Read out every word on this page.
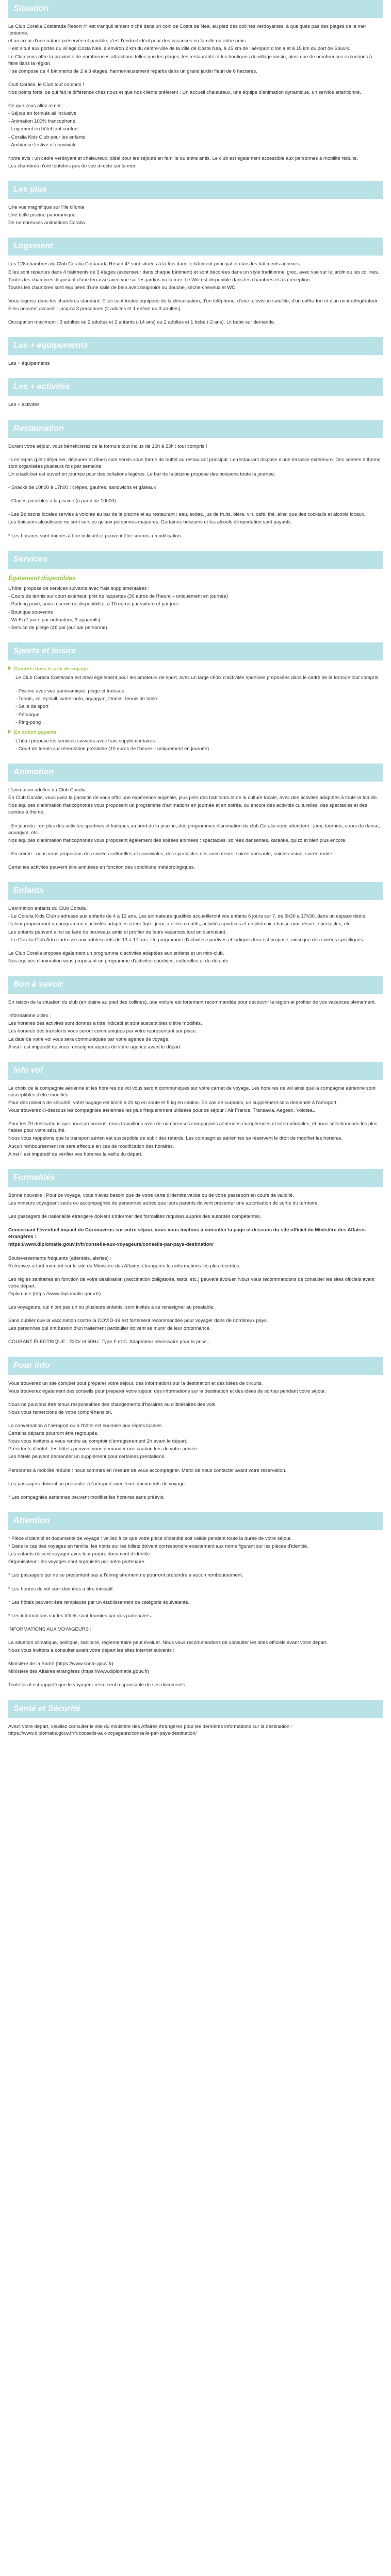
Situation

Le Club Coralia Costarada Resort 4* est tranquil lement niché dans un coin de Costa de Nea, au pied des collines verdoyantes, à quelques pas des plages de la mer Ionienne,

et au cœur d'une nature préservée et paisible, c'est l'endroit idéal pour des vacances en famille ou entre amis.

Il est situé aux portes du village Costa Nea, à environ 2 km du centre-ville de la ville de Costa Nea, à 45 km de l'aéroport d'Ionia et à 15 km du port de Souvik.

Le Club vous offre la proximité de nombreuses attractions telles que les plages, les restaurants et les boutiques du village voisin, ainsi que de nombreuses excursions à faire dans la région.

Il se compose de 4 bâtiments de 2 à 3 étages, harmonieusement répartis dans un grand jardin fleuri de 8 hectares.

Club Coralia, le Club tout compris !

Nos points forts, ce qui fait la différence chez nous et que nos clients préfèrent : Un accueil chaleureux, une équipe d'animation dynamique, un service attentionné.

Ce que vous allez aimer :

- Séjour en formule all inclusive

- Animation 100% francophone

- Logement en hôtel tout confort

- Coralia Kids Club pour les enfants

- Ambiance festive et conviviale

Notre avis : un cadre verdoyant et chaleureux, idéal pour les séjours en famille ou entre amis. Le club est également accessible aux personnes à mobilité réduite.

Les chambres n'ont toutefois pas de vue directe sur la mer.

Les plus

Une vue magnifique sur l'île d'Ionia

Une belle piscine panoramique

De nombreuses animations Coralia

Logement

Les 128 chambres du Club Coralia Costarada Resort 4* sont situées à la fois dans le bâtiment principal et dans les bâtiments annexes.

Elles sont réparties dans 4 bâtiments de 3 étages (ascenseur dans chaque bâtiment) et sont décorées dans un style traditionnel grec, avec vue sur le jardin ou les collines.

Toutes les chambres disposent d'une terrasse avec vue sur les jardins ou la mer. Le Wifi est disponible dans les chambres et à la réception.

Toutes les chambres sont équipées d'une salle de bain avec baignoire ou douche, sèche-cheveux et WC.

Vous logerez dans les chambres standard. Elles sont toutes équipées de la climatisation, d'un téléphone, d'une télévision satellite, d'un coffre-fort et d'un mini-réfrigérateur.

Elles peuvent accueillir jusqu'à 3 personnes (2 adultes et 1 enfant ou 3 adultes).

Occupation maximum : 3 adultes ou 2 adultes et 2 enfants (-14 ans) ou 2 adultes et 1 bébé (-2 ans). Lit bébé sur demande.

Les + équipements

Les + équipements

Les + activités

Les + activités

Restauration

Durant votre séjour, vous bénéficierez de la formule tout inclus de 10h à 23h : tout compris !

- Les repas (petit-déjeuner, déjeuner et dîner) sont servis sous forme de buffet au restaurant principal. Le restaurant dispose d'une terrasse extérieure. Des soirées à thème sont organisées plusieurs fois par semaine.

Un snack-bar est ouvert en journée pour des collations légères. Le bar de la piscine propose des boissons toute la journée.

- Snacks de 10h00 à 17h00 : crêpes, gaufres, sandwichs et gâteaux

- Glaces possibles à la piscine (à partir de 10h00)

- Les Boissons locales servies à volonté au bar de la piscine et au restaurant : eau, sodas, jus de fruits, bière, vin, café, thé, ainsi que des cocktails et alcools locaux.

Les boissons alcoolisées ne sont servies qu'aux personnes majeures. Certaines boissons et les alcools d'importation sont payants.

* Les horaires sont donnés à titre indicatif et peuvent être soumis à modification.

Services
Également disponibles

L'hôtel propose de services suivants avec frais supplémentaires :

- Cours de tennis sur court extérieur, prêt de raquettes (30 euros de l'heure – uniquement en journée)

- Parking privé, sous réserve de disponibilité, à 10 euros par voiture et par jour

- Boutique souvenirs

- Wi-Fi (7 jours par ordinateur, 3 appareils)

- Service de pliage (4€ par jour par personne).

Sports et loisirs
Compris dans le prix du voyage

Le Club Coralia Costarada est idéal également pour les amateurs de sport, avec un large choix d'activités sportives proposées dans le cadre de la formule tout compris.

- Piscine avec vue panoramique, plage et transats

- Tennis, volley-ball, water-polo, aquagym, fitness, tennis de table

- Salle de sport

- Pétanque

- Ping-pong

En option payante

L'hôtel propose les services suivants avec frais supplémentaires :

- Court de tennis sur réservation préalable (10 euros de l'heure – uniquement en journée)

Animation

L'animation adultes du Club Coralia :

En Club Coralia, vous avez la garantie de vous offrir une expérience originale, plus près des habitants et de la culture locale, avec des activités adaptées à toute la famille.

Nos équipes d'animation francophones vous proposent un programme d'animations en journée et en soirée, ou encore des activités culturelles, des spectacles et des soirées à thème.

- En journée : en plus des activités sportives et ludiques au bord de la piscine, des programmes d'animation du club Coralia vous attendent : jeux, tournois, cours de danse, aquagym, etc.

Nos équipes d'animation francophones vous proposent également des soirées animées : spectacles, soirées dansantes, karaoké, quizz et bien plus encore.

- En soirée : nous vous proposons des soirées culturelles et conviviales, des spectacles des animateurs, soirée dansante, soirée casino, soirée mode...

Certaines activités peuvent être annulées en fonction des conditions météorologiques.

Enfants

L'animation enfants du Club Coralia :

- Le Coralia Kids Club s'adresse aux enfants de 4 à 12 ans. Les animateurs qualifiés accueilleront vos enfants 6 jours sur 7, de 9h30 à 17h30, dans un espace dédié.

Ils leur proposeront un programme d'activités adaptées à leur âge : jeux, ateliers créatifs, activités sportives et en plein air, chasse aux trésors, spectacles, etc.

Les enfants peuvent ainsi se faire de nouveaux amis et profiter de leurs vacances tout en s'amusant.

- Le Coralia Club Ado s'adresse aux adolescents de 13 à 17 ans. Un programme d'activités sportives et ludiques leur est proposé, ainsi que des soirées spécifiques.

Le Club Coralia propose également un programme d'activités adaptées aux enfants et un mini-club.

Nos équipes d'animation vous proposent un programme d'activités sportives, culturelles et de détente.

Bon à savoir

En raison de la situation du club (en plaine au pied des collines), une voiture est fortement recommandée pour découvrir la région et profiter de vos vacances pleinement.

Informations utiles :

Les horaires des activités sont donnés à titre indicatif et sont susceptibles d'être modifiés.

Les horaires des transferts vous seront communiqués par votre représentant sur place.

La date de votre vol vous sera communiquée par votre agence de voyage.

Ainsi il est impératif de vous renseigner auprès de votre agence avant le départ.

Info vol

Le choix de la compagnie aérienne et les horaires de vol vous seront communiqués sur votre carnet de voyage. Les horaires de vol ainsi que la compagnie aérienne sont susceptibles d'être modifiés.

Pour des raisons de sécurité, votre bagage est limité à 20 kg en soute et 5 kg en cabine. En cas de surpoids, un supplément sera demandé à l'aéroport.

Vous trouverez ci-dessous les compagnies aériennes les plus fréquemment utilisées pour ce séjour : Air France, Transavia, Aegean, Volotea...

Pour les 70 destinations que nous proposons, nous travaillons avec de nombreuses compagnies aériennes européennes et internationales, et nous sélectionnons les plus fiables pour votre sécurité.

Nous vous rappelons que le transport aérien est susceptible de subir des retards. Les compagnies aériennes se réservent le droit de modifier les horaires.

Aucun remboursement ne sera effectué en cas de modification des horaires.

Ainsi il est impératif de vérifier vos horaires la veille du départ.

Formalités

Bonne nouvelle ! Pour ce voyage, vous n'avez besoin que de votre carte d'identité valide ou de votre passeport en cours de validité.

Les mineurs voyageant seuls ou accompagnés de personnes autres que leurs parents doivent présenter une autorisation de sortie du territoire.

Les passagers de nationalité étrangère doivent s'informer des formalités requises auprès des autorités compétentes.

Concernant l'éventuel impact du Coronavirus sur votre séjour, vous vous invitons à consulter la page ci-dessous du site officiel du Ministère des Affaires étrangères :

https://www.diplomatie.gouv.fr/fr/conseils-aux-voyageurs/conseils-par-pays-destination/

Bouleversements fréquents (attentats, alertes) :

Retrouvez à tout moment sur le site du Ministère des Affaires étrangères les informations les plus récentes.

Les règles sanitaires en fonction de votre destination (vaccination obligatoire, tests, etc.) peuvent évoluer. Nous vous recommandons de consulter les sites officiels avant votre départ.

Diplomatie (https://www.diplomatie.gouv.fr)

Les voyageurs, qui n'ont pas un ou plusieurs enfants, sont invités à se renseigner au préalable.

Sans oublier que la vaccination contre la COVID-19 est fortement recommandée pour voyager dans de nombreux pays.

Les personnes qui ont besoin d'un traitement particulier doivent se munir de leur ordonnance.

COURANT ÉLECTRIQUE : 230V et 50Hz. Type F et C. Adaptateur nécessaire pour la prise...

Pour info

Vous trouverez un site complet pour préparer votre séjour, des informations sur la destination et des idées de circuits.

Vous trouverez également des conseils pour préparer votre séjour, des informations sur la destination et des idées de sorties pendant votre séjour.

Nous ne pouvons être tenus responsables des changements d'horaires ou d'itinéraires des vols.

Nous vous remercions de votre compréhension.

La conversation à l'aéroport ou à l'hôtel est soumise aux règles locales.

Certains départs pourront être regroupés.

Nous vous invitons à vous rendre au comptoir d'enregistrement 2h avant le départ.

Présidents d'hôtel : les hôtels peuvent vous demander une caution lors de votre arrivée.

Les hôtels peuvent demander un supplément pour certaines prestations.

Personnes à mobilité réduite : nous sommes en mesure de vous accompagner. Merci de nous contacter avant votre réservation.

Les passagers doivent se présenter à l'aéroport avec leurs documents de voyage.

* Les compagnies aériennes peuvent modifier les horaires sans préavis.

Attention

* Pièce d'identité et documents de voyage : veillez à ce que votre pièce d'identité soit valide pendant toute la durée de votre séjour.

* Dans le cas des voyages en famille, les noms sur les billets doivent correspondre exactement aux noms figurant sur les pièces d'identité.

Les enfants doivent voyager avec leur propre document d'identité.

Organisateur : les voyages sont organisés par notre partenaire.

* Les passagers qui ne se présentent pas à l'enregistrement ne pourront prétendre à aucun remboursement.

* Les heures de vol sont données à titre indicatif.

* Les hôtels peuvent être remplacés par un établissement de catégorie équivalente.

* Les informations sur les hôtels sont fournies par nos partenaires.

INFORMATIONS AUX VOYAGEURS :

La situation climatique, politique, sanitaire, réglementaire peut évoluer. Nous vous recommandons de consulter les sites officiels avant votre départ.

Nous vous invitons à consulter avant votre départ les sites internet suivants :

Ministère de la Santé (https://www.sante.gouv.fr)

Ministère des Affaires étrangères (https://www.diplomatie.gouv.fr)

Toutefois il est rappelé que le voyageur reste seul responsable de ses documents.

Santé et Sécurité

Avant votre départ, veuillez consulter le site du ministère des Affaires étrangères pour les dernières informations sur la destination : https://www.diplomatie.gouv.fr/fr/conseils-aux-voyageurs/conseils-par-pays-destination/
